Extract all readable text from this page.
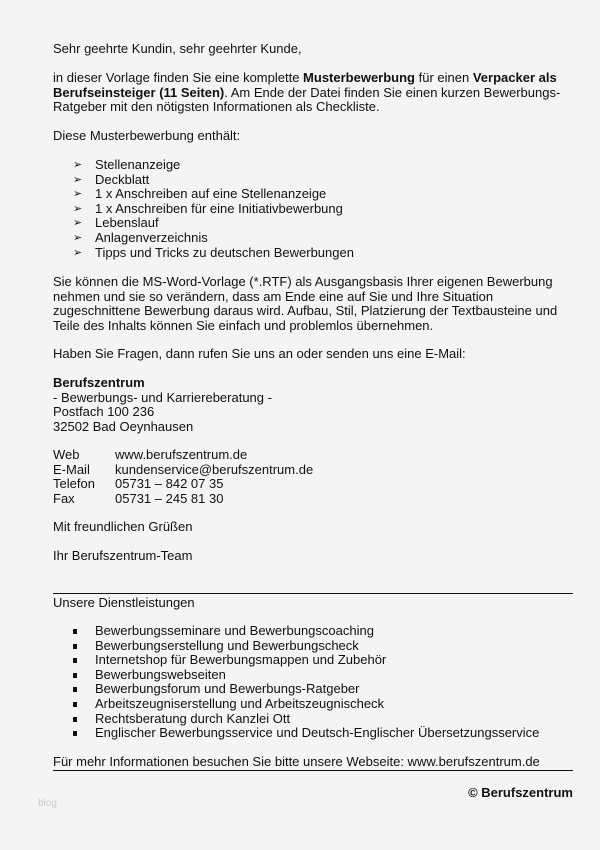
Sehr geehrte Kundin, sehr geehrter Kunde,

in dieser Vorlage finden Sie eine komplette Musterbewerbung für einen Verpacker als Berufseinsteiger (11 Seiten). Am Ende der Datei finden Sie einen kurzen Bewerbungs-Ratgeber mit den nötigsten Informationen als Checkliste.

Diese Musterbewerbung enthält:

➢ Stellenanzeige
➢ Deckblatt
➢ 1 x Anschreiben auf eine Stellenanzeige
➢ 1 x Anschreiben für eine Initiativbewerbung
➢ Lebenslauf
➢ Anlagenverzeichnis
➢ Tipps und Tricks zu deutschen Bewerbungen

Sie können die MS-Word-Vorlage (*.RTF) als Ausgangsbasis Ihrer eigenen Bewerbung nehmen und sie so verändern, dass am Ende eine auf Sie und Ihre Situation zugeschnittene Bewerbung daraus wird. Aufbau, Stil, Platzierung der Textbausteine und Teile des Inhalts können Sie einfach und problemlos übernehmen.

Haben Sie Fragen, dann rufen Sie uns an oder senden uns eine E-Mail:

Berufszentrum
- Bewerbungs- und Karriereberatung -
Postfach 100 236
32502 Bad Oeynhausen
Web	www.berufszentrum.de
E-Mail	kundenservice@berufszentrum.de
Telefon	05731 – 842 07 35
Fax	05731 – 245 81 30

Mit freundlichen Grüßen

Ihr Berufszentrum-Team

Unsere Dienstleistungen

Bewerbungsseminare und Bewerbungscoaching
Bewerbungserstellung und Bewerbungscheck
Internetshop für Bewerbungsmappen und Zubehör
Bewerbungswebseiten
Bewerbungsforum und Bewerbungs-Ratgeber
Arbeitszeugniserstellung und Arbeitszeugnischeck
Rechtsberatung durch Kanzlei Ott
Englischer Bewerbungsservice und Deutsch-Englischer Übersetzungsservice

Für mehr Informationen besuchen Sie bitte unsere Webseite: www.berufszentrum.de

© Berufszentrum
blog
